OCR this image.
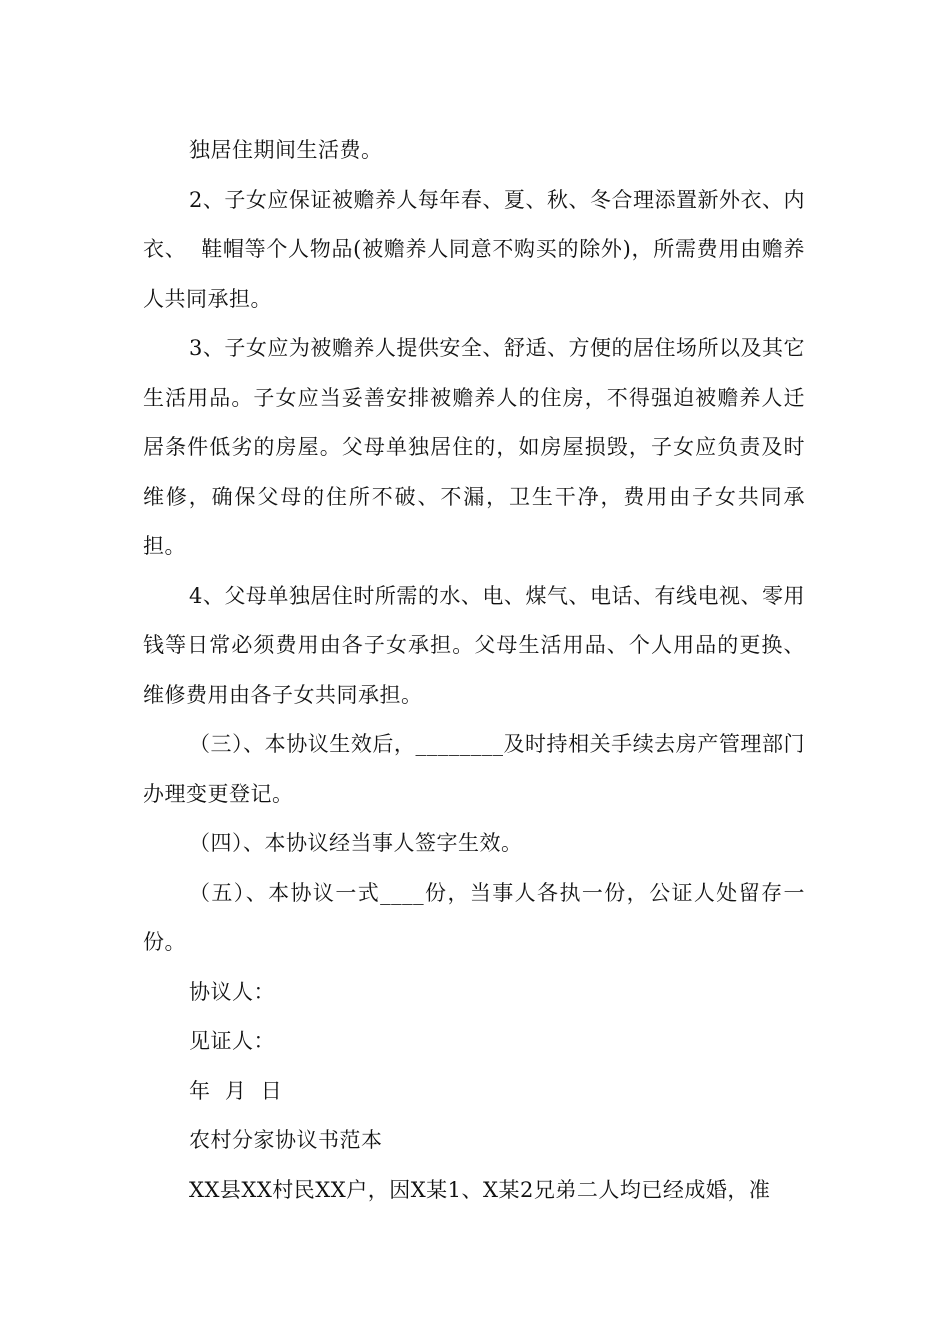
独居住期间生活费。

2、子女应保证被赡养人每年春、夏、秋、冬合理添置新外衣、内衣、  鞋帽等个人物品(被赡养人同意不购买的除外)，所需费用由赡养人共同承担。

3、子女应为被赡养人提供安全、舒适、方便的居住场所以及其它生活用品。子女应当妥善安排被赡养人的住房，不得强迫被赡养人迁居条件低劣的房屋。父母单独居住的，如房屋损毁，子女应负责及时维修，确保父母的住所不破、不漏，卫生干净，费用由子女共同承担。

4、父母单独居住时所需的水、电、煤气、电话、有线电视、零用钱等日常必须费用由各子女承担。父母生活用品、个人用品的更换、维修费用由各子女共同承担。

（三）、本协议生效后，________及时持相关手续去房产管理部门办理变更登记。

（四）、本协议经当事人签字生效。

（五）、本协议一式____份，当事人各执一份，公证人处留存一份。

协议人：

见证人：

年  月  日

农村分家协议书范本

XX县XX村民XX户，因X某1、X某2兄弟二人均已经成婚，准
